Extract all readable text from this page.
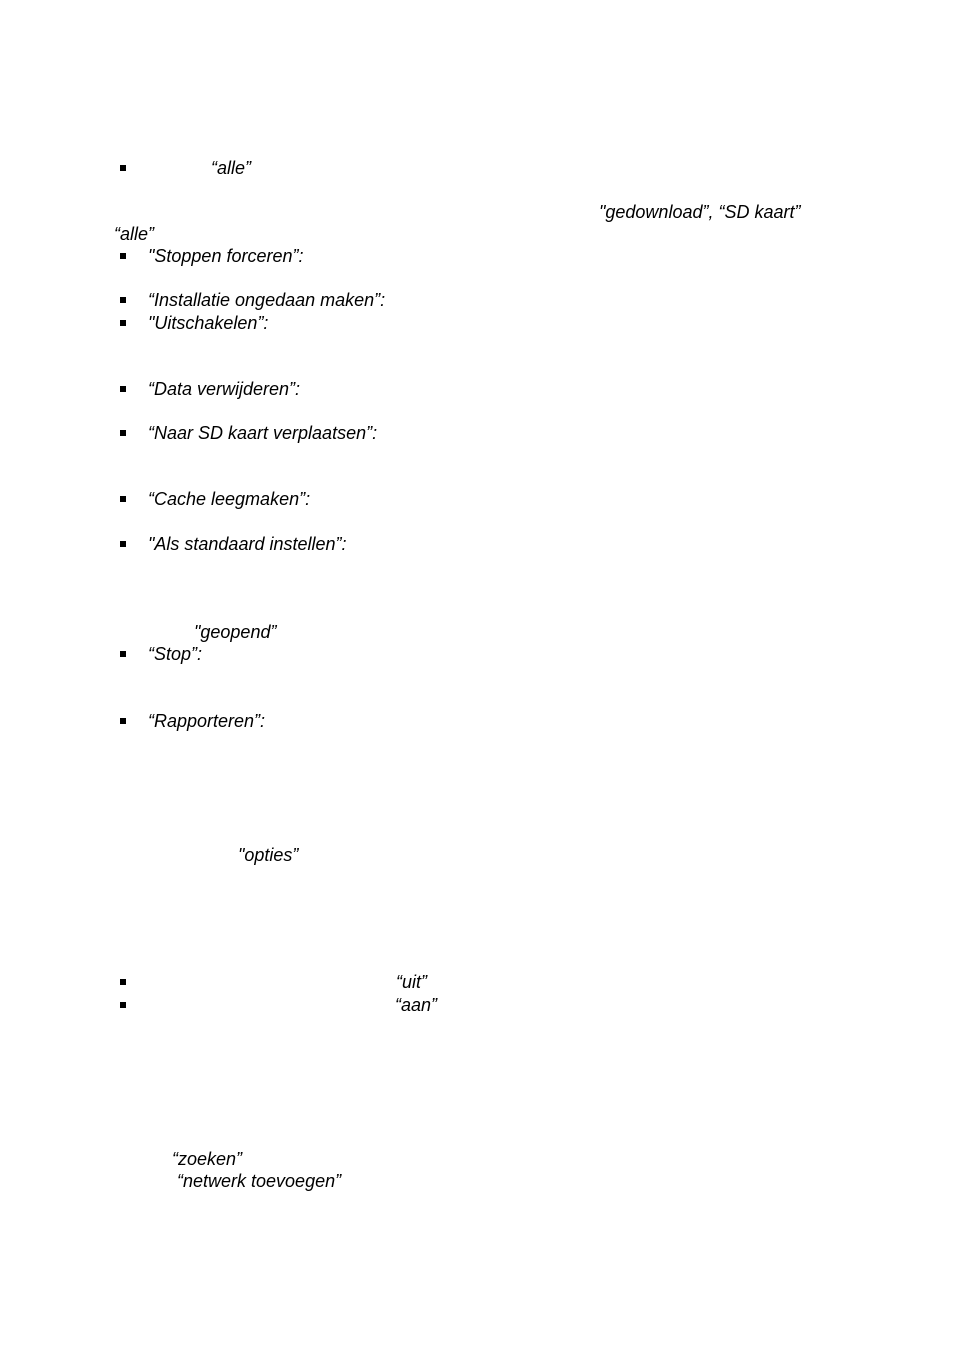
“alle”
"gedownload”, “SD kaart”
“alle”
"Stoppen forceren”:
“Installatie ongedaan maken”:
"Uitschakelen”:
“Data verwijderen”:
“Naar SD kaart verplaatsen”:
“Cache leegmaken”:
"Als standaard instellen”:
"geopend”
“Stop”:
“Rapporteren”:
"opties”
“uit”
“aan”
“zoeken”
“netwerk toevoegen”
